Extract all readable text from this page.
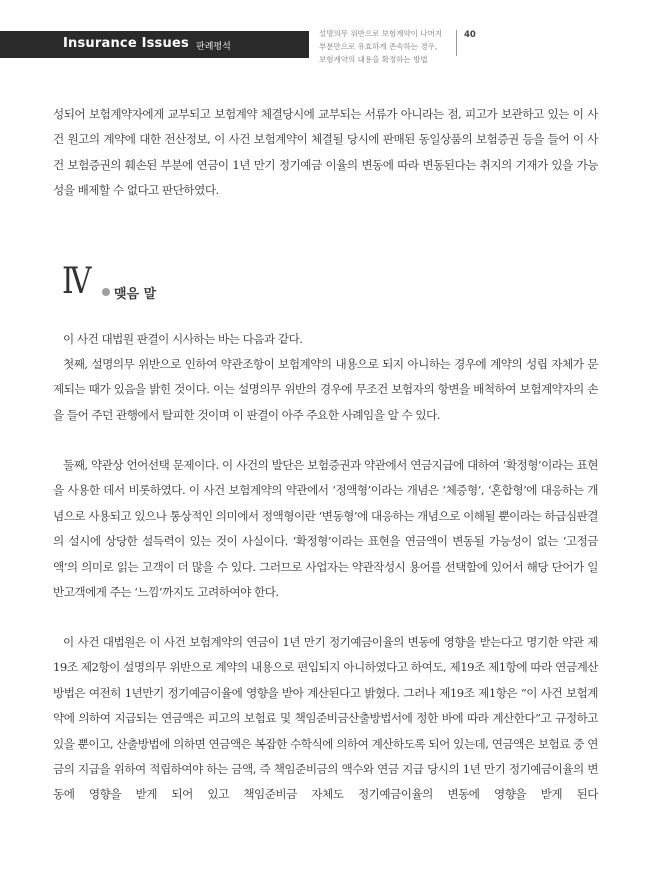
Insurance Issues 판례평석
설명의무 위반으로 보험계약이 나머지
부분만으로 유효하게 존속하는 경우,
보험계약의 내용을 확정하는 방법
40

성되어 보험계약자에게 교부되고 보험계약 체결당시에 교부되는 서류가 아니라는 점, 피고가 보관하고 있는 이 사건 원고의 계약에 대한 전산정보, 이 사건 보험계약이 체결될 당시에 판매된 동일상품의 보험증권 등을 들어 이 사건 보험증권의 훼손된 부분에 연금이 1년 만기 정기예금 이율의 변동에 따라 변동된다는 취지의 기재가 있을 가능성을 배제할 수 없다고 판단하였다.

Ⅳ 맺음 말

이 사건 대법원 판결이 시사하는 바는 다음과 같다.

첫째, 설명의무 위반으로 인하여 약관조항이 보험계약의 내용으로 되지 아니하는 경우에 계약의 성립 자체가 문제되는 때가 있음을 밝힌 것이다. 이는 설명의무 위반의 경우에 무조건 보험자의 항변을 배척하여 보험계약자의 손을 들어 주던 관행에서 탈피한 것이며 이 판결이 아주 주요한 사례임을 알 수 있다.

둘째, 약관상 언어선택 문제이다. 이 사건의 발단은 보험증권과 약관에서 연금지급에 대하여 ‘확정형’이라는 표현을 사용한 데서 비롯하였다. 이 사건 보험계약의 약관에서 ‘정액형’이라는 개념은 ‘체증형’, ‘혼합형’에 대응하는 개념으로 사용되고 있으나 통상적인 의미에서 정액형이란 ‘변동형’에 대응하는 개념으로 이해될 뿐이라는 하급심판결의 설시에 상당한 설득력이 있는 것이 사실이다. ‘확정형’이라는 표현을 연금액이 변동될 가능성이 없는 ‘고정금액’의 의미로 읽는 고객이 더 많을 수 있다. 그러므로 사업자는 약관작성시 용어를 선택함에 있어서 해당 단어가 일반고객에게 주는 ‘느낌’까지도 고려하여야 한다.

이 사건 대법원은 이 사건 보험계약의 연금이 1년 만기 정기예금이율의 변동에 영향을 받는다고 명기한 약관 제19조 제2항이 설명의무 위반으로 계약의 내용으로 편입되지 아니하였다고 하여도, 제19조 제1항에 따라 연금계산방법은 여전히 1년만기 정기예금이율에 영향을 받아 계산된다고 밝혔다. 그러나 제19조 제1항은 “이 사건 보험계약에 의하여 지급되는 연금액은 피고의 보험료 및 책임준비금산출방법서에 정한 바에 따라 계산한다”고 규정하고 있을 뿐이고, 산출방법에 의하면 연금액은 복잡한 수학식에 의하여 계산하도록 되어 있는데, 연금액은 보험료 중 연금의 지급을 위하여 적립하여야 하는 금액, 즉 책임준비금의 액수와 연금 지급 당시의 1년 만기 정기예금이율의 변동에 영향을 받게 되어 있고 책임준비금 자체도 정기예금이율의 변동에 영향을 받게 된다
